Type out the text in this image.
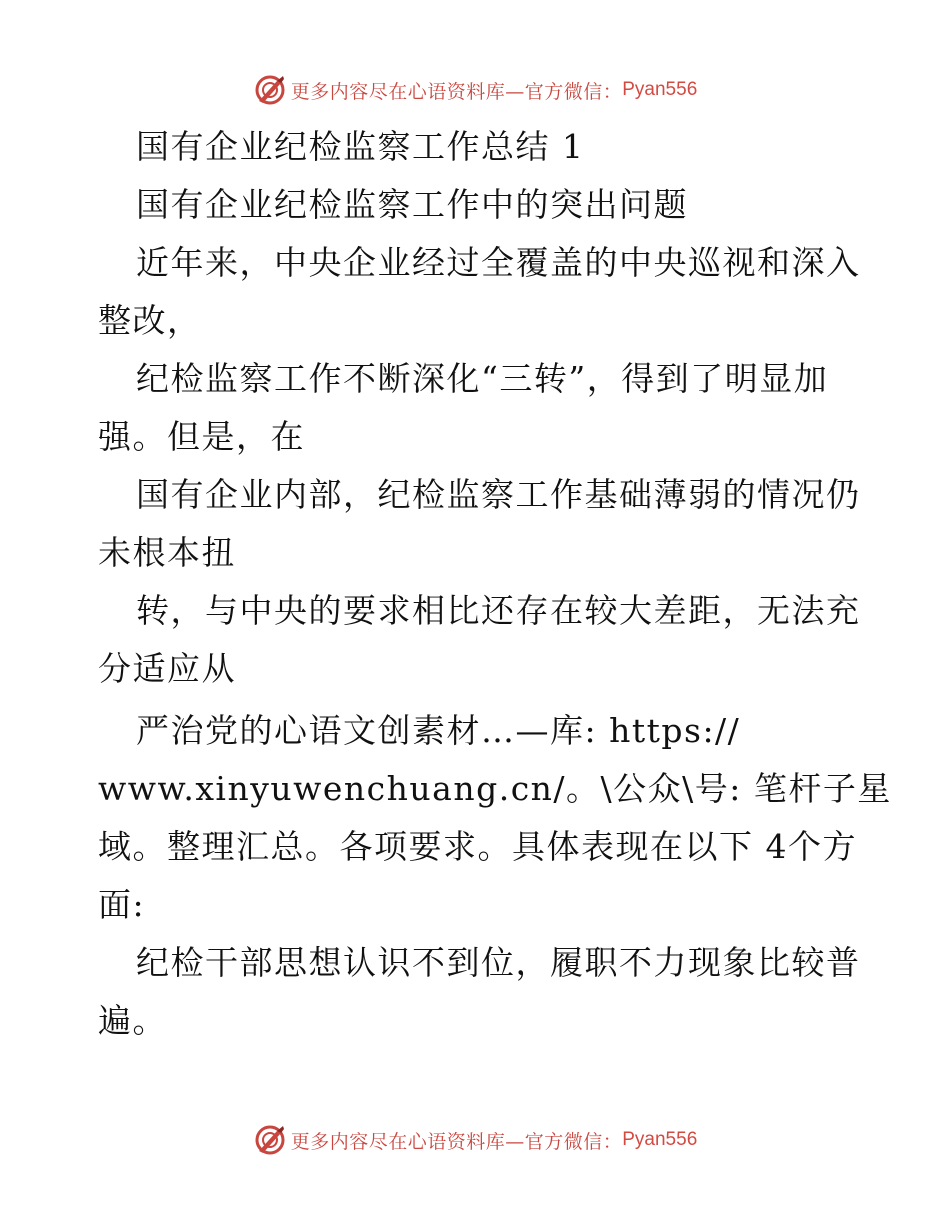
更多内容尽在心语资料库—官方微信： Pyan556
国有企业纪检监察工作总结 1
国有企业纪检监察工作中的突出问题
近年来，中央企业经过全覆盖的中央巡视和深入
整改，
纪检监察工作不断深化“三转”，得到了明显加
强。但是，在
国有企业内部，纪检监察工作基础薄弱的情况仍
未根本扭
转，与中央的要求相比还存在较大差距，无法充
分适应从
严治党的心语文创素材…—库: https://
www.xinyuwenchuang.cn/。\公众\号: 笔杆子星
域。整理汇总。各项要求。具体表现在以下 4个方
面:
纪检干部思想认识不到位，履职不力现象比较普
遍。
更多内容尽在心语资料库—官方微信： Pyan556
